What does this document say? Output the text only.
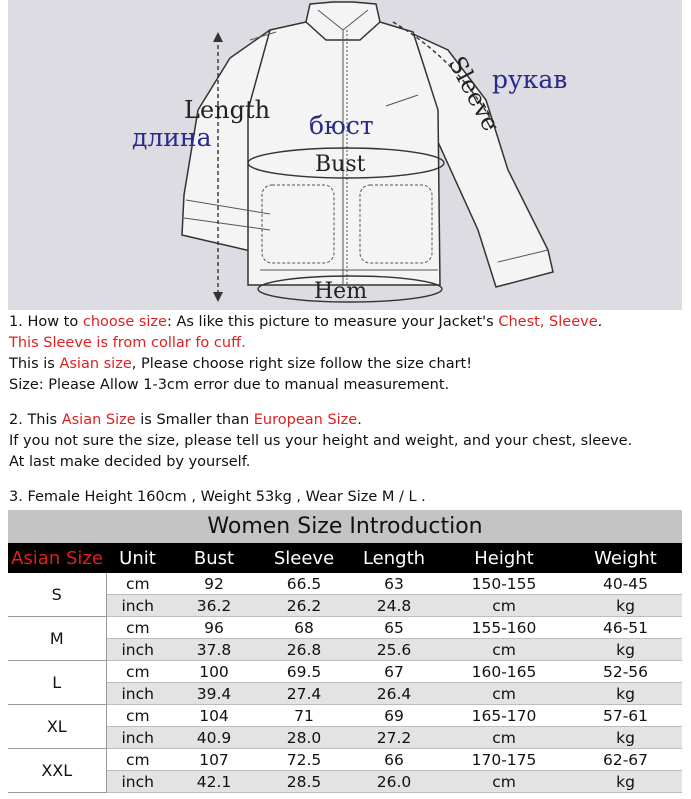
Length
длина	бюст
Bust
Sleeve
рукав
Hem
1. How to choose size: As like this picture to measure your Jacket's Chest, Sleeve.
This Sleeve is from collar fo cuff.
This is Asian size, Please choose right size follow the size chart!
Size: Please Allow 1-3cm error due to manual measurement.
2. This Asian Size is Smaller than European Size.
If you not sure the size, please tell us your height and weight, and your chest, sleeve.
At last make decided by yourself.
3. Female Height 160cm , Weight 53kg , Wear Size M / L .
Women Size Introduction						
Asian Size	Unit	Bust	Sleeve	Length	Height	Weight
S	cm	92	66.5	63	150-155	40-45
	inch	36.2	26.2	24.8	cm	kg
M	cm	96	68	65	155-160	46-51
	inch	37.8	26.8	25.6	cm	kg
L	cm	100	69.5	67	160-165	52-56
	inch	39.4	27.4	26.4	cm	kg
XL	cm	104	71	69	165-170	57-61
	inch	40.9	28.0	27.2	cm	kg
XXL	cm	107	72.5	66	170-175	62-67
	inch	42.1	28.5	26.0	cm	kg
